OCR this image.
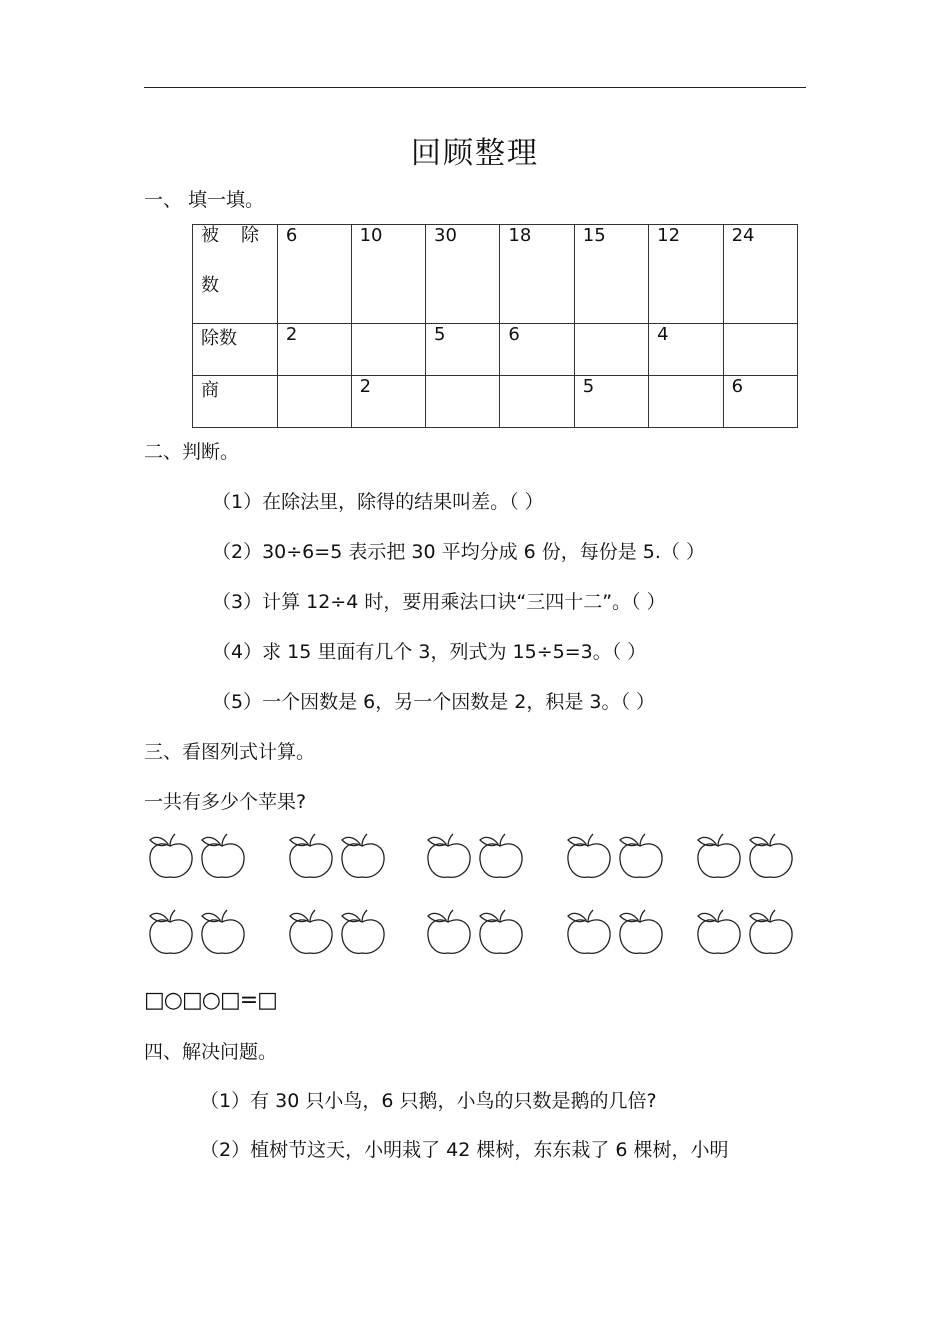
回顾整理
一、 填一填。
被 除
数	6	10	30	18	15	12	24
除数	2		5	6		4	
商		2			5		6
二、判断。
（1）在除法里，除得的结果叫差。（ ）
（2）30÷6=5 表示把 30 平均分成 6 份，每份是 5.（ ）
（3）计算 12÷4 时，要用乘法口诀“三四十二”。（ ）
（4）求 15 里面有几个 3，列式为 15÷5=3。（ ）
（5）一个因数是 6，另一个因数是 2，积是 3。（ ）
三、看图列式计算。
一共有多少个苹果?
□○□○□=□
四、解决问题。
（1）有 30 只小鸟，6 只鹅，小鸟的只数是鹅的几倍?
（2）植树节这天，小明栽了 42 棵树，东东栽了 6 棵树，小明
